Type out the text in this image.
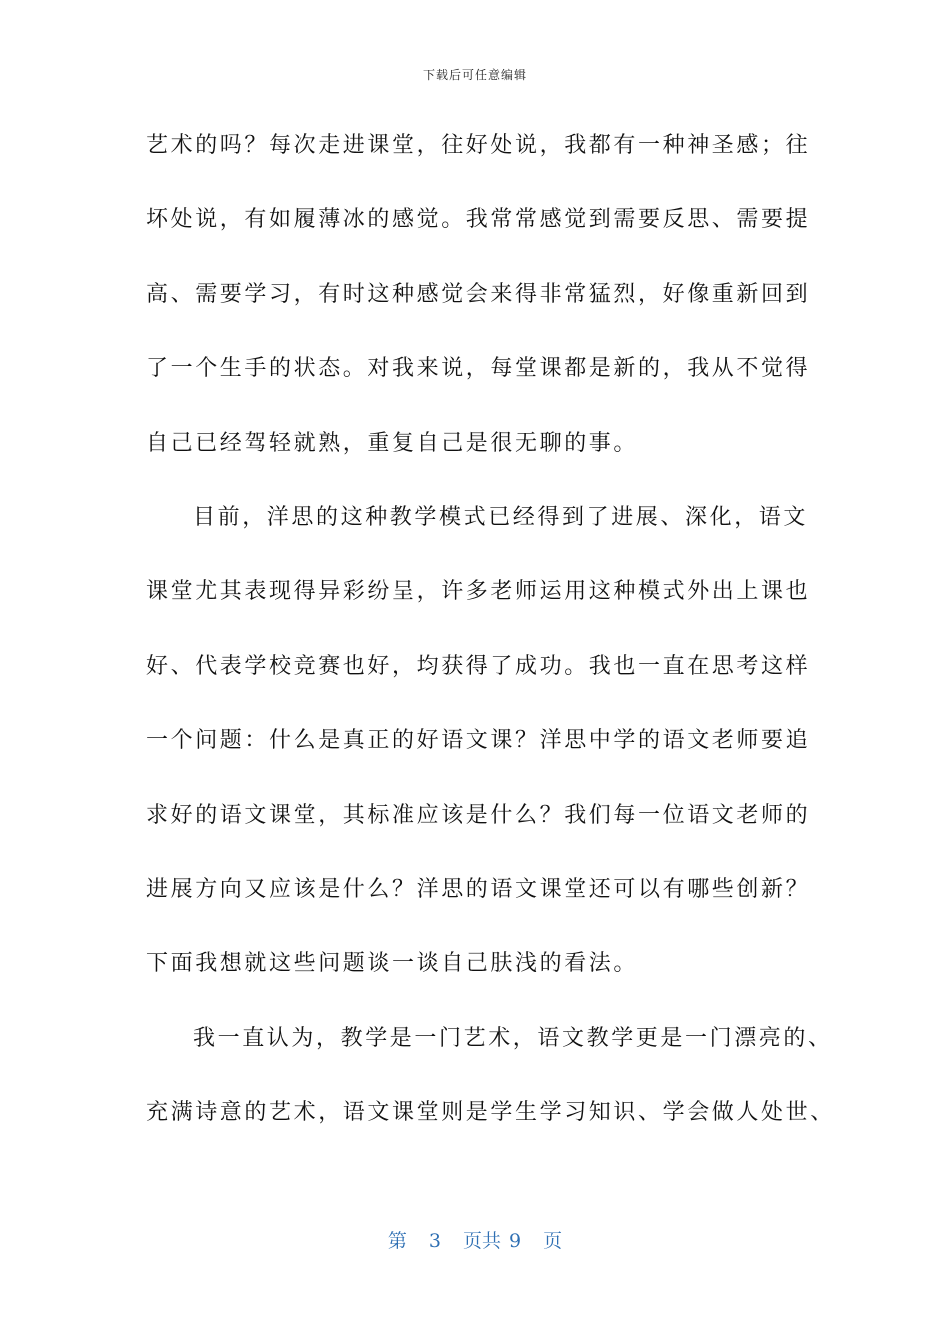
下载后可任意编辑
艺术的吗？每次走进课堂，往好处说，我都有一种神圣感；往
坏处说，有如履薄冰的感觉。我常常感觉到需要反思、需要提
高、需要学习，有时这种感觉会来得非常猛烈，好像重新回到
了一个生手的状态。对我来说，每堂课都是新的，我从不觉得
自己已经驾轻就熟，重复自己是很无聊的事。
目前，洋思的这种教学模式已经得到了进展、深化，语文
课堂尤其表现得异彩纷呈，许多老师运用这种模式外出上课也
好、代表学校竞赛也好，均获得了成功。我也一直在思考这样
一个问题：什么是真正的好语文课？洋思中学的语文老师要追
求好的语文课堂，其标准应该是什么？我们每一位语文老师的
进展方向又应该是什么？洋思的语文课堂还可以有哪些创新？
下面我想就这些问题谈一谈自己肤浅的看法。
我一直认为，教学是一门艺术，语文教学更是一门漂亮的、
充满诗意的艺术，语文课堂则是学生学习知识、学会做人处世、
第 3 页共 9 页
